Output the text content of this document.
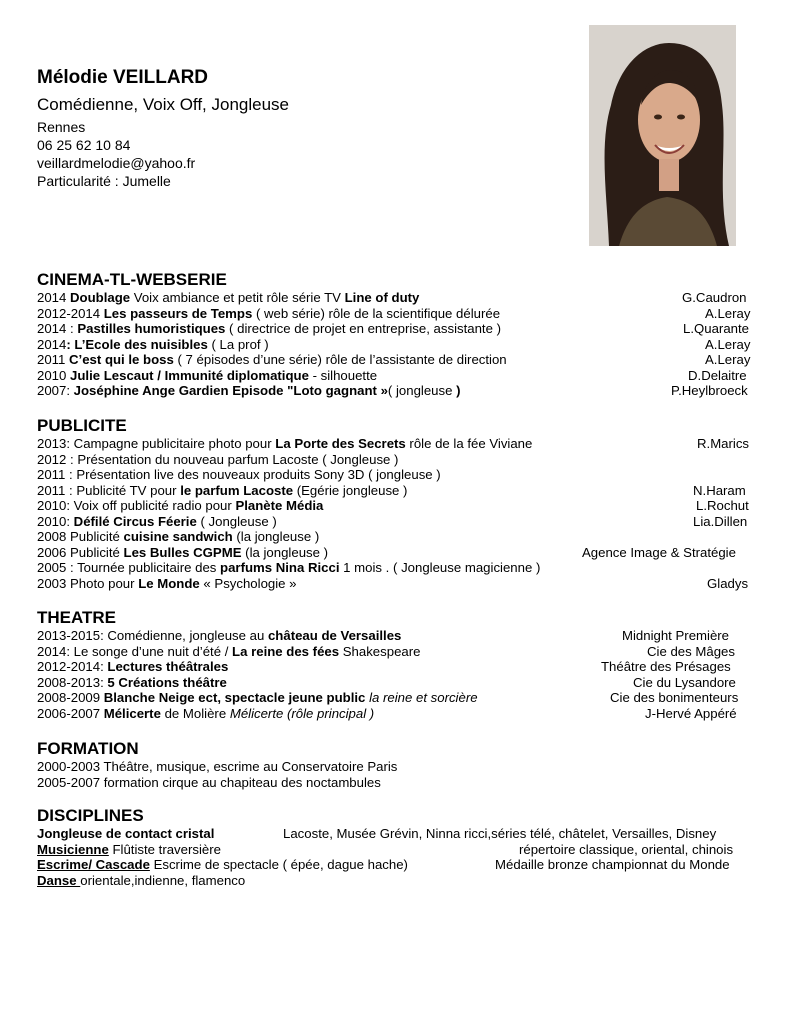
Mélodie VEILLARD
Comédienne, Voix Off, Jongleuse
Rennes
06 25 62 10 84
veillardmelodie@yahoo.fr
Particularité : Jumelle
CINEMA-TL-WEBSERIE
2014 Doublage Voix ambiance et petit rôle série TV Line of duty	G.Caudron
2012-2014 Les passeurs de Temps ( web série) rôle de la scientifique délurée	A.Leray
2014 : Pastilles humoristiques ( directrice de projet en entreprise, assistante )	L.Quarante
2014: L’Ecole des nuisibles ( La prof )	A.Leray
2011 C’est qui le boss ( 7 épisodes d’une série) rôle de l’assistante de direction	A.Leray
2010 Julie Lescaut / Immunité diplomatique - silhouette	D.Delaitre
2007: Joséphine Ange Gardien Episode "Loto gagnant »( jongleuse )	P.Heylbroeck
PUBLICITE
2013: Campagne publicitaire photo pour La Porte des Secrets rôle de la fée Viviane	R.Marics
2012 : Présentation du nouveau parfum Lacoste ( Jongleuse )
2011 : Présentation live des nouveaux produits Sony 3D ( jongleuse )
2011 : Publicité TV pour le parfum Lacoste (Egérie jongleuse )	N.Haram
2010: Voix off publicité radio pour Planète Média	L.Rochut
2010: Défilé Circus Féerie ( Jongleuse )	Lia.Dillen
2008 Publicité cuisine sandwich (la jongleuse )
2006 Publicité Les Bulles CGPME (la jongleuse )	Agence Image & Stratégie
2005 : Tournée publicitaire des parfums Nina Ricci 1 mois . ( Jongleuse magicienne )
2003 Photo pour Le Monde « Psychologie »	Gladys
THEATRE
2013-2015: Comédienne, jongleuse au château de Versailles	Midnight Première
2014: Le songe d’une nuit d’été / La reine des fées Shakespeare	Cie des Mâges
2012-2014: Lectures théâtrales	Théâtre des Présages
2008-2013: 5 Créations théâtre	Cie du Lysandore
2008-2009 Blanche Neige ect, spectacle jeune public la reine et sorcière	Cie des bonimenteurs
2006-2007 Mélicerte de Molière Mélicerte (rôle principal )	J-Hervé Appéré
FORMATION
2000-2003 Théâtre, musique, escrime au Conservatoire Paris
2005-2007 formation cirque au chapiteau des noctambules
DISCIPLINES
Jongleuse de contact cristal	Lacoste, Musée Grévin, Ninna ricci,séries télé, châtelet, Versailles, Disney
Musicienne Flûtiste traversière	répertoire classique, oriental, chinois
Escrime/ Cascade Escrime de spectacle ( épée, dague hache)	Médaille bronze championnat du Monde
Danse orientale,indienne, flamenco
